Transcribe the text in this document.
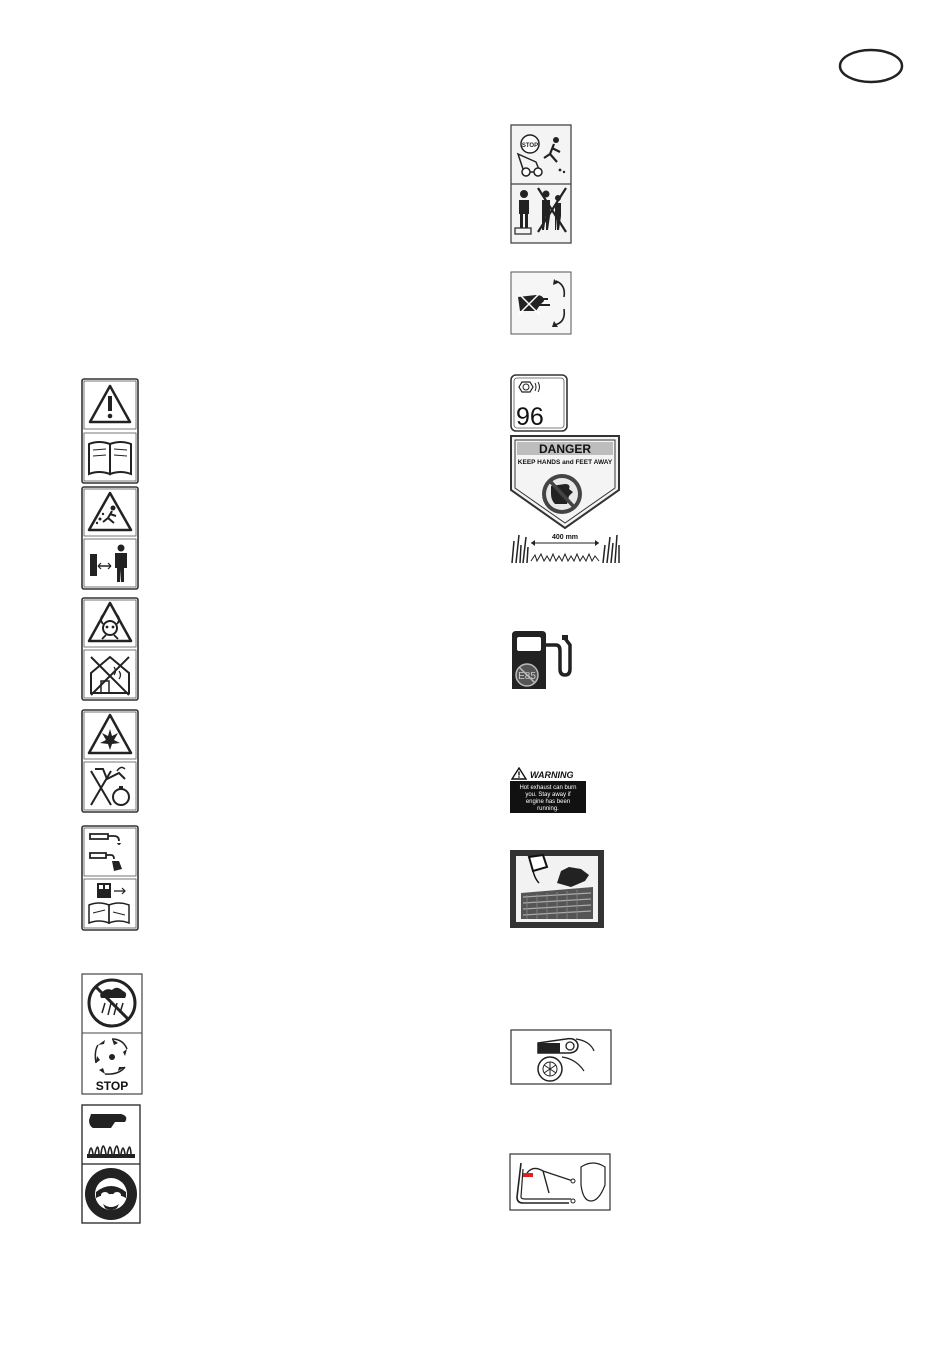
STOP
STOP
96
DANGER
KEEP HANDS and FEET AWAY
400 mm
E85
WARNING
Hot exhaust can burn
you. Stay away if
engine has been
running.
